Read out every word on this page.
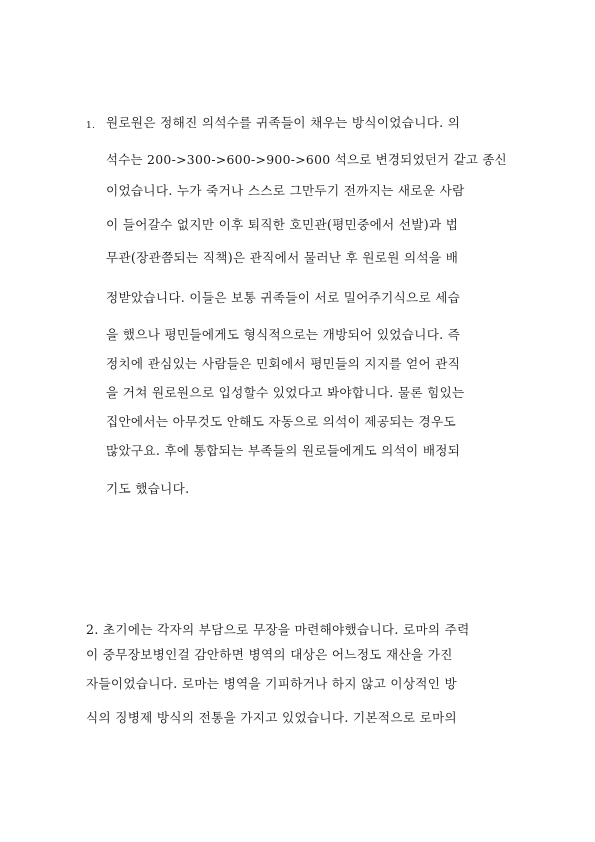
1. 원로원은 정해진 의석수를 귀족들이 채우는 방식이었습니다. 의
석수는 200->300->600->900->600 석으로 변경되었던거 같고 종신
이었습니다. 누가 죽거나 스스로 그만두기 전까지는 새로운 사람
이 들어갈수 없지만 이후 퇴직한 호민관(평민중에서 선발)과 법
무관(장관쯤되는 직책)은 관직에서 물러난 후 원로원 의석을 배
정받았습니다. 이들은 보통 귀족들이 서로 밀어주기식으로 세습
을 했으나 평민들에게도 형식적으로는 개방되어 있었습니다. 즉
정치에 관심있는 사람들은 민회에서 평민들의 지지를 얻어 관직
을 거쳐 원로원으로 입성할수 있었다고 봐야합니다. 물론 힘있는
집안에서는 아무것도 안해도 자동으로 의석이 제공되는 경우도
많았구요. 후에 통합되는 부족들의 원로들에게도 의석이 배정되
기도 했습니다.
2. 초기에는 각자의 부담으로 무장을 마련해야했습니다. 로마의 주력
이 중무장보병인걸 감안하면 병역의 대상은 어느정도 재산을 가진
자들이었습니다. 로마는 병역을 기피하거나 하지 않고 이상적인 방
식의 징병제 방식의 전통을 가지고 있었습니다. 기본적으로 로마의
